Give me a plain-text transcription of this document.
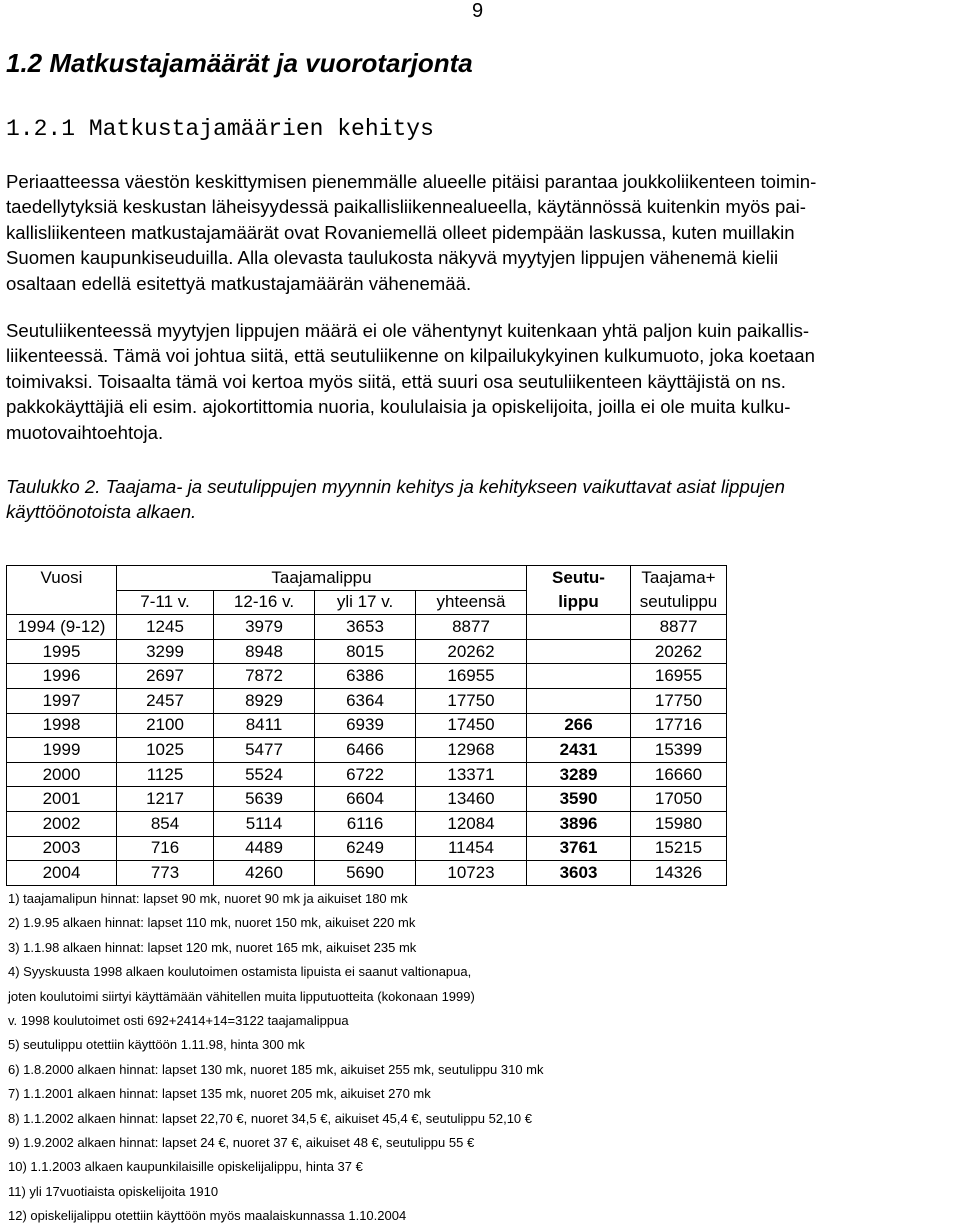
9
1.2 Matkustajamäärät ja vuorotarjonta
1.2.1 Matkustajamäärien kehitys
Periaatteessa väestön keskittymisen pienemmälle alueelle pitäisi parantaa joukkoliikenteen toimin-
taedellytyksiä keskustan läheisyydessä paikallisliikennealueella, käytännössä kuitenkin myös pai-
kallisliikenteen matkustajamäärät ovat Rovaniemellä olleet pidempään laskussa, kuten muillakin
Suomen kaupunkiseuduilla. Alla olevasta taulukosta näkyvä myytyjen lippujen vähenemä kielii
osaltaan edellä esitettyä matkustajamäärän vähenemää.
Seutuliikenteessä myytyjen lippujen määrä ei ole vähentynyt kuitenkaan yhtä paljon kuin paikallis-
liikenteessä. Tämä voi johtua siitä, että seutuliikenne on kilpailukykyinen kulkumuoto, joka koetaan
toimivaksi. Toisaalta tämä voi kertoa myös siitä, että suuri osa seutuliikenteen käyttäjistä on ns.
pakkokäyttäjiä eli esim. ajokortittomia nuoria, koululaisia ja opiskelijoita, joilla ei ole muita kulku-
muotovaihtoehtoja.
Taulukko 2. Taajama- ja seutulippujen myynnin kehitys ja kehitykseen vaikuttavat asiat lippujen
käyttöönotoista alkaen.
Vuosi	Taajamalippu				Seutu-	Taajama+
	7-11 v.	12-16 v.	yli 17 v.	yhteensä	lippu	seutulippu
1994 (9-12)	1245	3979	3653	8877		8877
1995	3299	8948	8015	20262		20262
1996	2697	7872	6386	16955		16955
1997	2457	8929	6364	17750		17750
1998	2100	8411	6939	17450	266	17716
1999	1025	5477	6466	12968	2431	15399
2000	1125	5524	6722	13371	3289	16660
2001	1217	5639	6604	13460	3590	17050
2002	854	5114	6116	12084	3896	15980
2003	716	4489	6249	11454	3761	15215
2004	773	4260	5690	10723	3603	14326
1) taajamalipun hinnat: lapset 90 mk, nuoret 90 mk ja aikuiset 180 mk
2) 1.9.95 alkaen hinnat: lapset 110 mk, nuoret 150 mk, aikuiset 220 mk
3) 1.1.98 alkaen hinnat: lapset 120 mk, nuoret 165 mk, aikuiset 235 mk
4) Syyskuusta 1998 alkaen koulutoimen ostamista lipuista ei saanut valtionapua,
joten koulutoimi siirtyi käyttämään vähitellen muita lipputuotteita (kokonaan 1999)
v. 1998 koulutoimet osti 692+2414+14=3122 taajamalippua
5) seutulippu otettiin käyttöön 1.11.98, hinta 300 mk
6) 1.8.2000 alkaen hinnat: lapset 130 mk, nuoret 185 mk, aikuiset 255 mk, seutulippu 310 mk
7) 1.1.2001 alkaen hinnat: lapset 135 mk, nuoret 205 mk, aikuiset 270 mk
8) 1.1.2002 alkaen hinnat: lapset 22,70 €, nuoret 34,5 €, aikuiset 45,4 €, seutulippu 52,10 €
9) 1.9.2002 alkaen hinnat: lapset 24 €, nuoret 37 €, aikuiset 48 €, seutulippu 55 €
10) 1.1.2003 alkaen kaupunkilaisille opiskelijalippu, hinta 37 €
11) yli 17vuotiaista opiskelijoita 1910
12) opiskelijalippu otettiin käyttöön myös maalaiskunnassa 1.10.2004
